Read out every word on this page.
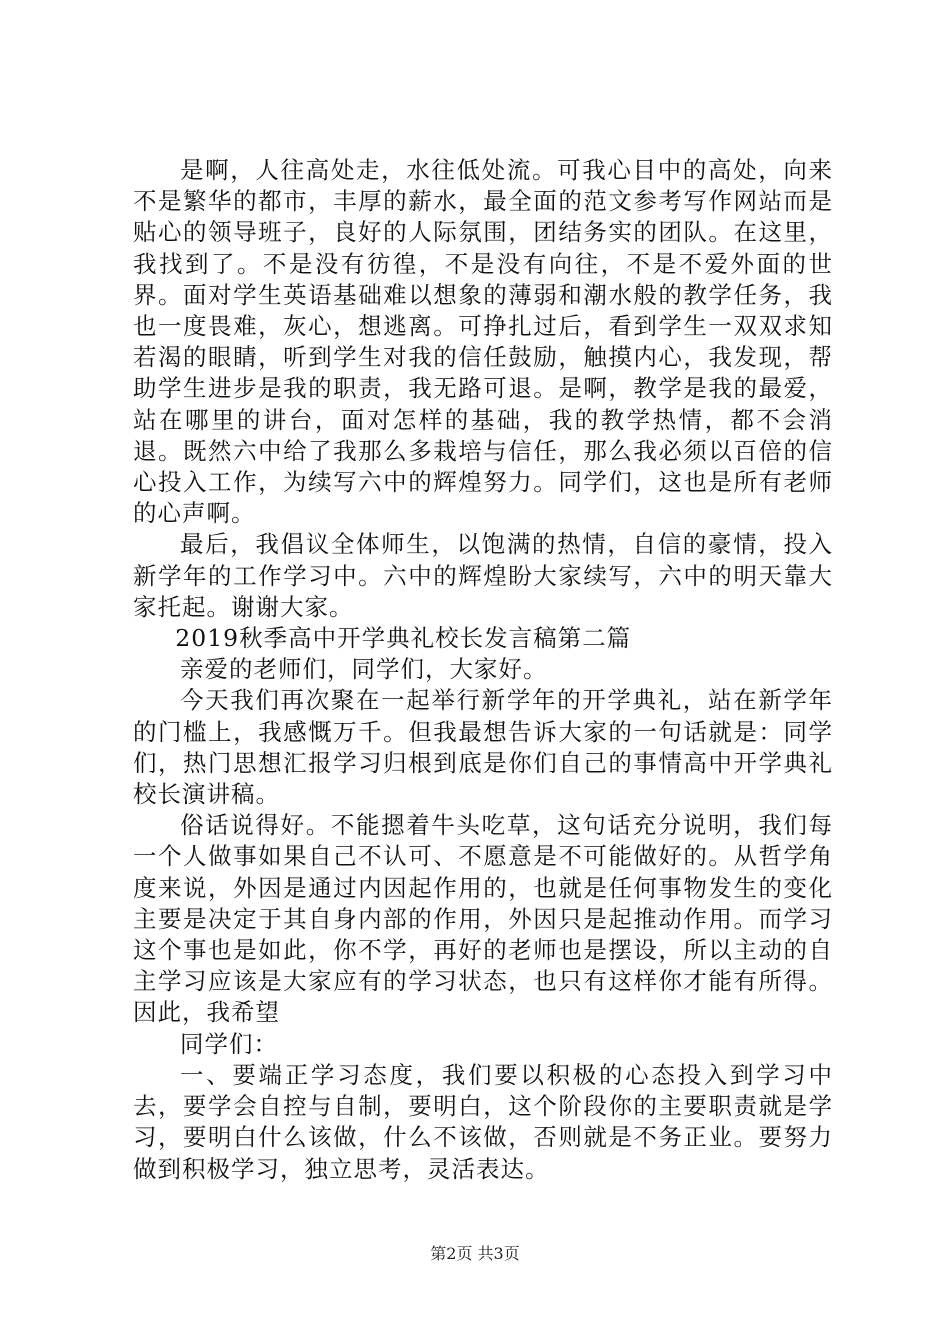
是啊，人往高处走，水往低处流。可我心目中的高处，向来不是繁华的都市，丰厚的薪水，最全面的范文参考写作网站而是贴心的领导班子，良好的人际氛围，团结务实的团队。在这里，我找到了。不是没有彷徨，不是没有向往，不是不爱外面的世界。面对学生英语基础难以想象的薄弱和潮水般的教学任务，我也一度畏难，灰心，想逃离。可挣扎过后，看到学生一双双求知若渴的眼睛，听到学生对我的信任鼓励，触摸内心，我发现，帮助学生进步是我的职责，我无路可退。是啊，教学是我的最爱，站在哪里的讲台，面对怎样的基础，我的教学热情，都不会消退。既然六中给了我那么多栽培与信任，那么我必须以百倍的信心投入工作，为续写六中的辉煌努力。同学们，这也是所有老师的心声啊。

最后，我倡议全体师生，以饱满的热情，自信的豪情，投入新学年的工作学习中。六中的辉煌盼大家续写，六中的明天靠大家托起。谢谢大家。

2019秋季高中开学典礼校长发言稿第二篇

亲爱的老师们，同学们，大家好。

今天我们再次聚在一起举行新学年的开学典礼，站在新学年的门槛上，我感慨万千。但我最想告诉大家的一句话就是：同学们，热门思想汇报学习归根到底是你们自己的事情高中开学典礼校长演讲稿。

俗话说得好。不能摁着牛头吃草，这句话充分说明，我们每一个人做事如果自己不认可、不愿意是不可能做好的。从哲学角度来说，外因是通过内因起作用的，也就是任何事物发生的变化主要是决定于其自身内部的作用，外因只是起推动作用。而学习这个事也是如此，你不学，再好的老师也是摆设，所以主动的自主学习应该是大家应有的学习状态，也只有这样你才能有所得。因此，我希望

同学们：

一、要端正学习态度，我们要以积极的心态投入到学习中去，要学会自控与自制，要明白，这个阶段你的主要职责就是学习，要明白什么该做，什么不该做，否则就是不务正业。要努力做到积极学习，独立思考，灵活表达。

第2页 共3页
